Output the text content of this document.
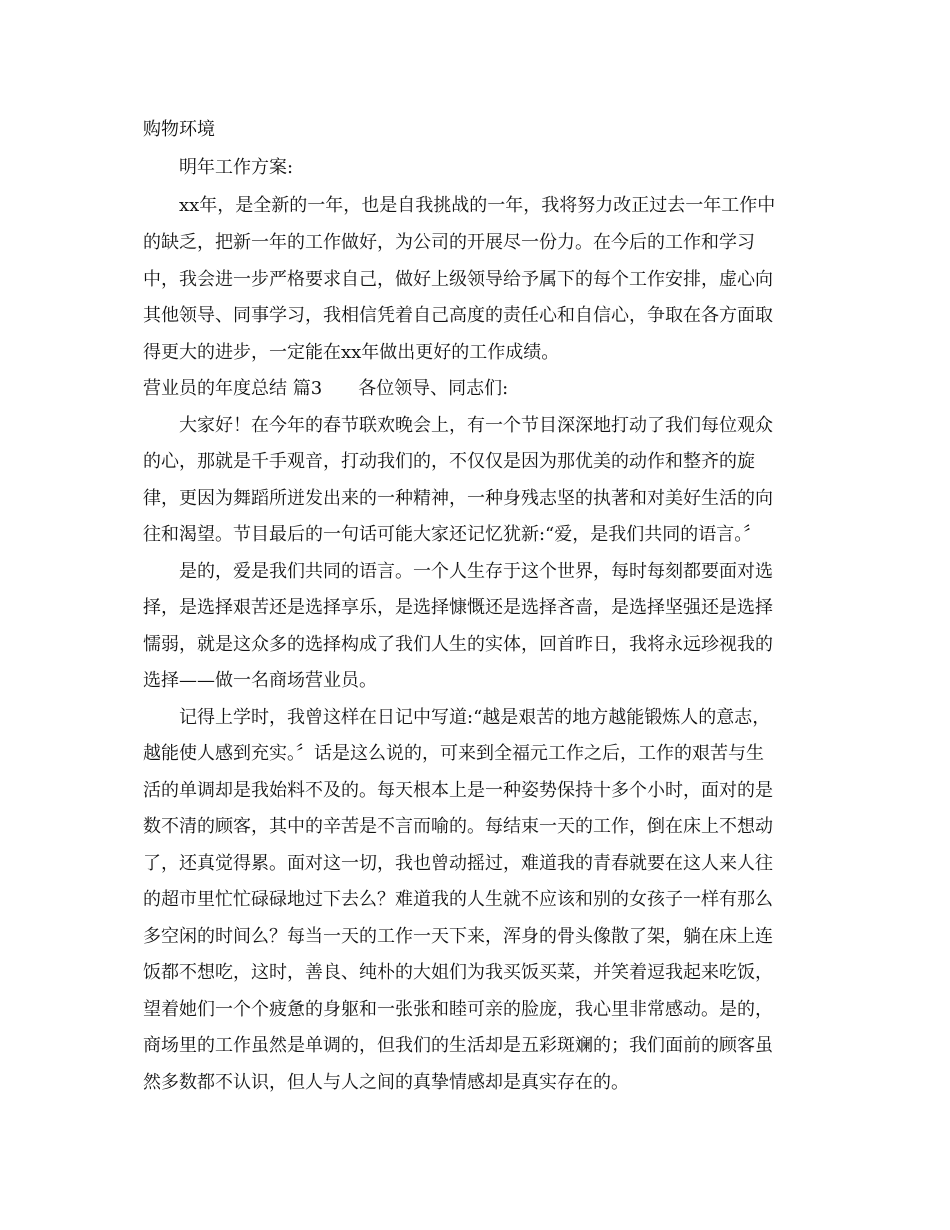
购物环境

明年工作方案:

xx年，是全新的一年，也是自我挑战的一年，我将努力改正过去一年工作中

的缺乏，把新一年的工作做好，为公司的开展尽一份力。在今后的工作和学习

中，我会进一步严格要求自己，做好上级领导给予属下的每个工作安排，虚心向

其他领导、同事学习，我相信凭着自己高度的责任心和自信心，争取在各方面取

得更大的进步，一定能在xx年做出更好的工作成绩。

营业员的年度总结 篇3 各位领导、同志们:

大家好！在今年的春节联欢晚会上，有一个节目深深地打动了我们每位观众

的心，那就是千手观音，打动我们的，不仅仅是因为那优美的动作和整齐的旋

律，更因为舞蹈所迸发出来的一种精神，一种身残志坚的执著和对美好生活的向

往和渴望。节目最后的一句话可能大家还记忆犹新:“爱，是我们共同的语言。〞

是的，爱是我们共同的语言。一个人生存于这个世界，每时每刻都要面对选

择，是选择艰苦还是选择享乐，是选择慷慨还是选择吝啬，是选择坚强还是选择

懦弱，就是这众多的选择构成了我们人生的实体，回首昨日，我将永远珍视我的

选择——做一名商场营业员。

记得上学时，我曾这样在日记中写道:“越是艰苦的地方越能锻炼人的意志，

越能使人感到充实。〞话是这么说的，可来到全福元工作之后，工作的艰苦与生

活的单调却是我始料不及的。每天根本上是一种姿势保持十多个小时，面对的是

数不清的顾客，其中的辛苦是不言而喻的。每结束一天的工作，倒在床上不想动

了，还真觉得累。面对这一切，我也曾动摇过，难道我的青春就要在这人来人往

的超市里忙忙碌碌地过下去么？难道我的人生就不应该和别的女孩子一样有那么

多空闲的时间么？每当一天的工作一天下来，浑身的骨头像散了架，躺在床上连

饭都不想吃，这时，善良、纯朴的大姐们为我买饭买菜，并笑着逗我起来吃饭，

望着她们一个个疲惫的身躯和一张张和睦可亲的脸庞，我心里非常感动。是的，

商场里的工作虽然是单调的，但我们的生活却是五彩斑斓的；我们面前的顾客虽

然多数都不认识，但人与人之间的真挚情感却是真实存在的。
